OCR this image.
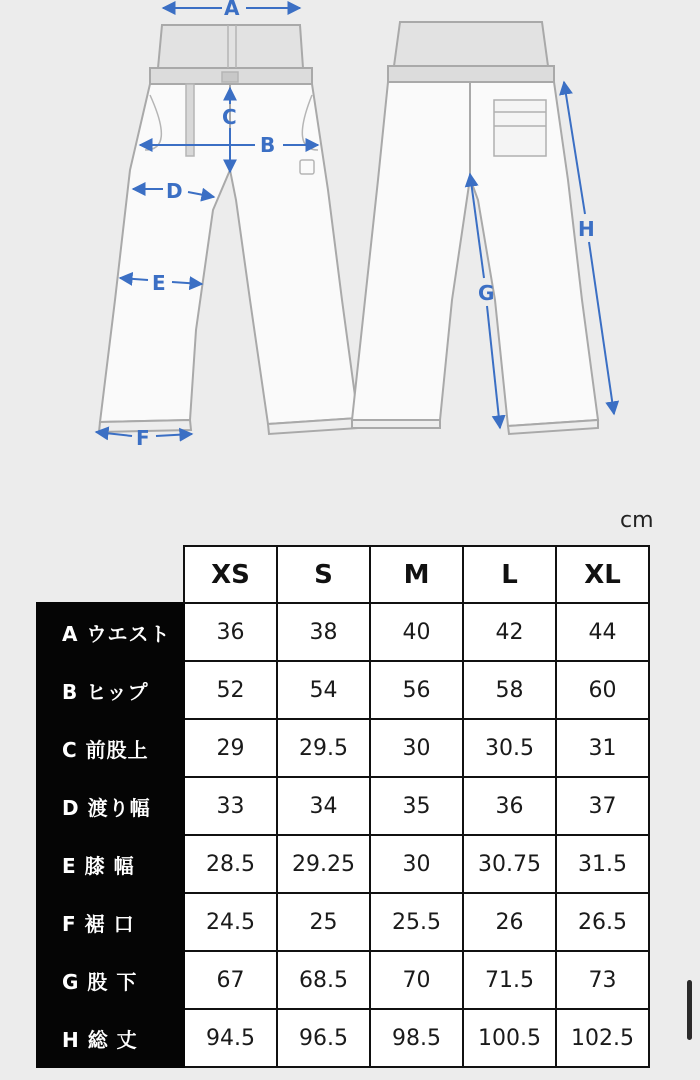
A
C
B
D
E
F
G
H
cm
	XS	S	M	L	XL
A ウエスト	36	38	40	42	44
B ヒップ	52	54	56	58	60
C 前股上	29	29.5	30	30.5	31
D 渡り幅	33	34	35	36	37
E 膝 幅	28.5	29.25	30	30.75	31.5
F 裾 口	24.5	25	25.5	26	26.5
G 股 下	67	68.5	70	71.5	73
H 総 丈	94.5	96.5	98.5	100.5	102.5
